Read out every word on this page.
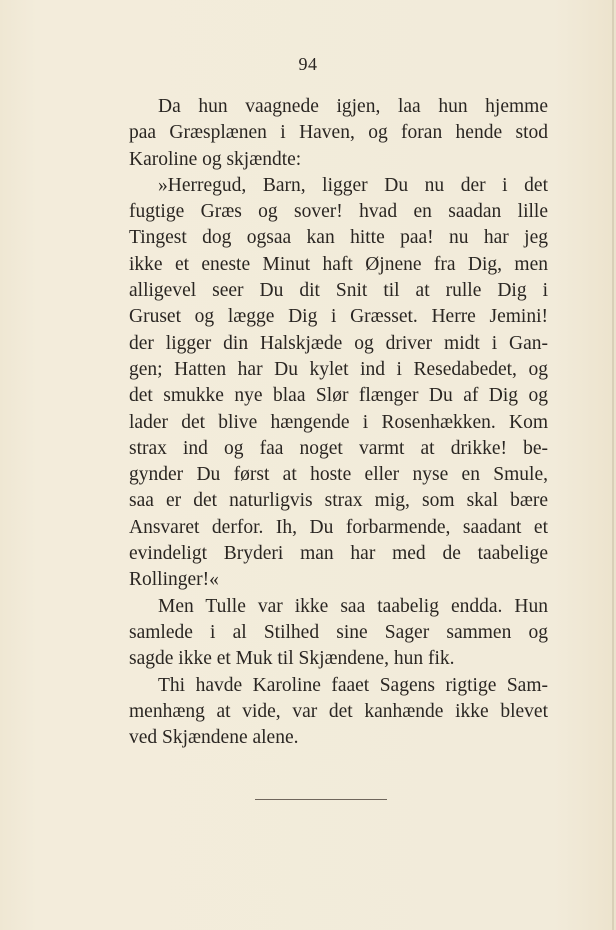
94
Da hun vaagnede igjen, laa hun hjemme
paa Græsplænen i Haven, og foran hende stod
Karoline og skjændte:
»Herregud, Barn, ligger Du nu der i det
fugtige Græs og sover! hvad en saadan lille
Tingest dog ogsaa kan hitte paa! nu har jeg
ikke et eneste Minut haft Øjnene fra Dig, men
alligevel seer Du dit Snit til at rulle Dig i
Gruset og lægge Dig i Græsset. Herre Jemini!
der ligger din Halskjæde og driver midt i Gan-
gen; Hatten har Du kylet ind i Resedabedet, og
det smukke nye blaa Slør flænger Du af Dig og
lader det blive hængende i Rosenhækken. Kom
strax ind og faa noget varmt at drikke! be-
gynder Du først at hoste eller nyse en Smule,
saa er det naturligvis strax mig, som skal bære
Ansvaret derfor. Ih, Du forbarmende, saadant et
evindeligt Bryderi man har med de taabelige
Rollinger!«
Men Tulle var ikke saa taabelig endda. Hun
samlede i al Stilhed sine Sager sammen og
sagde ikke et Muk til Skjændene, hun fik.
Thi havde Karoline faaet Sagens rigtige Sam-
menhæng at vide, var det kanhænde ikke blevet
ved Skjændene alene.
